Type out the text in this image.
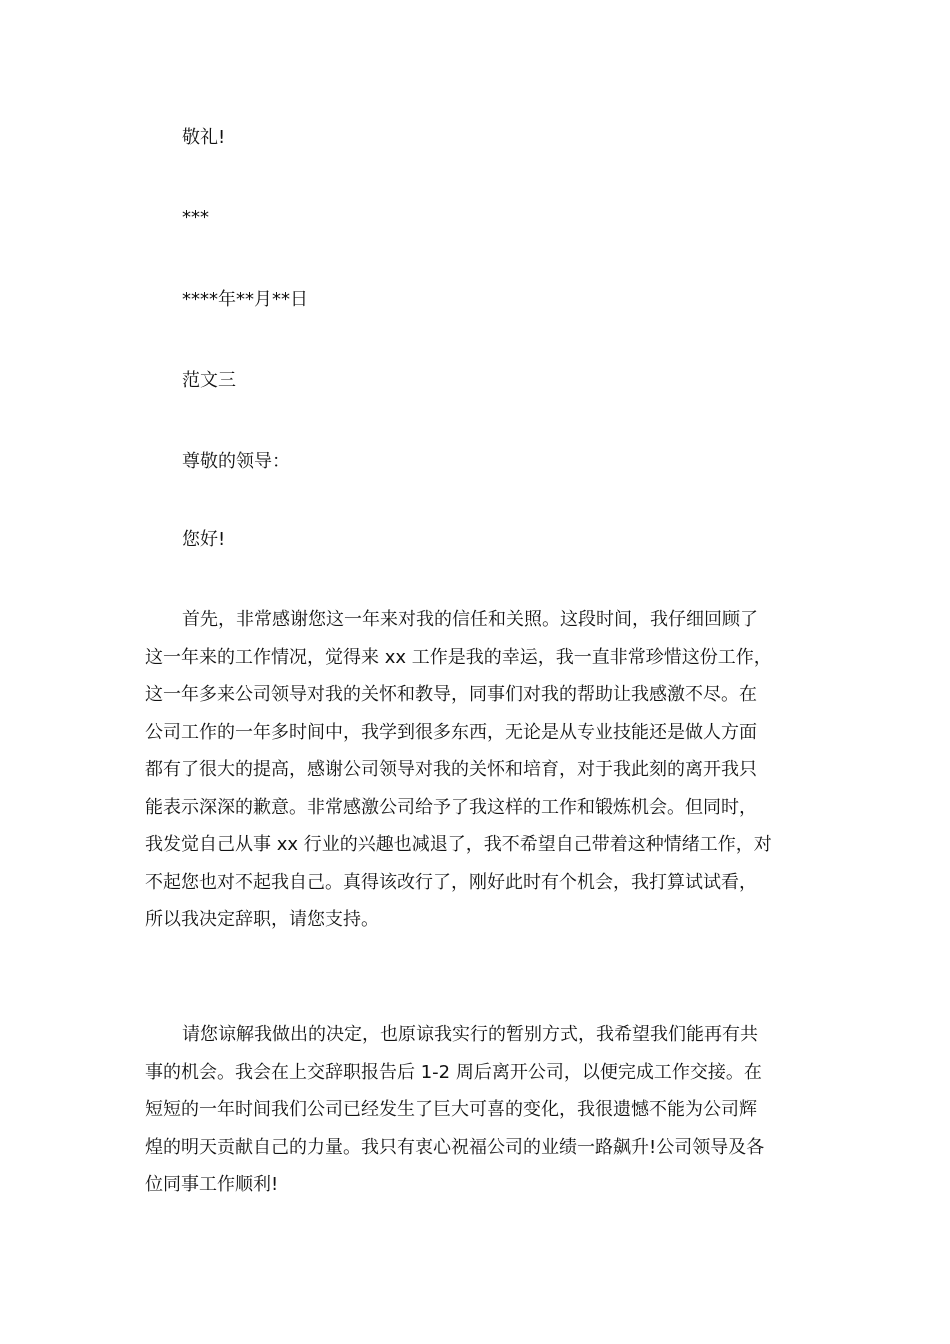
敬礼!
***
****年**月**日
范文三
尊敬的领导：
您好!
首先，非常感谢您这一年来对我的信任和关照。这段时间，我仔细回顾了
这一年来的工作情况，觉得来 xx 工作是我的幸运，我一直非常珍惜这份工作，
这一年多来公司领导对我的关怀和教导，同事们对我的帮助让我感激不尽。在
公司工作的一年多时间中，我学到很多东西，无论是从专业技能还是做人方面
都有了很大的提高，感谢公司领导对我的关怀和培育，对于我此刻的离开我只
能表示深深的歉意。非常感激公司给予了我这样的工作和锻炼机会。但同时，
我发觉自己从事 xx 行业的兴趣也减退了，我不希望自己带着这种情绪工作，对
不起您也对不起我自己。真得该改行了，刚好此时有个机会，我打算试试看，
所以我决定辞职，请您支持。
请您谅解我做出的决定，也原谅我实行的暂别方式，我希望我们能再有共
事的机会。我会在上交辞职报告后 1-2 周后离开公司，以便完成工作交接。在
短短的一年时间我们公司已经发生了巨大可喜的变化，我很遗憾不能为公司辉
煌的明天贡献自己的力量。我只有衷心祝福公司的业绩一路飙升!公司领导及各
位同事工作顺利!
